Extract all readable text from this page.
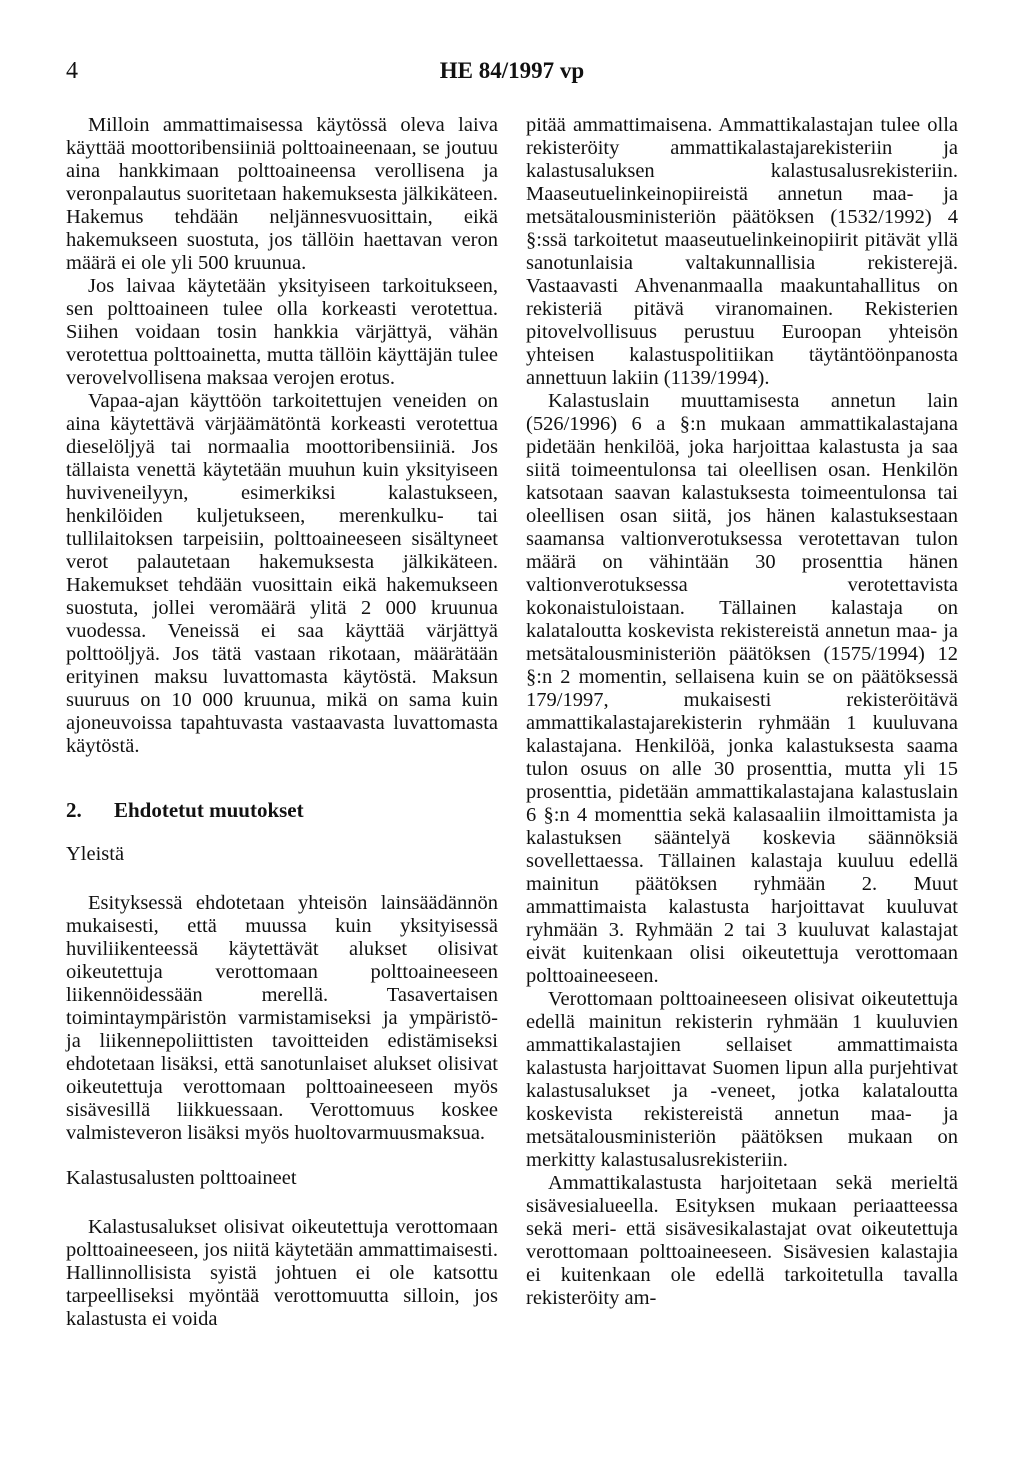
4	HE 84/1997 vp

Milloin ammattimaisessa käytössä oleva laiva käyttää moottoribensiiniä polttoaineenaan, se joutuu aina hankkimaan polttoaineensa verollisena ja veronpalautus suoritetaan hakemuksesta jälkikäteen. Hakemus tehdään neljännesvuosittain, eikä hakemukseen suostuta, jos tällöin haettavan veron määrä ei ole yli 500 kruunua.

Jos laivaa käytetään yksityiseen tarkoitukseen, sen polttoaineen tulee olla korkeasti verotettua. Siihen voidaan tosin hankkia värjättyä, vähän verotettua polttoainetta, mutta tällöin käyttäjän tulee verovelvollisena maksaa verojen erotus.

Vapaa-ajan käyttöön tarkoitettujen veneiden on aina käytettävä värjäämätöntä korkeasti verotettua dieselöljyä tai normaalia moottoribensiiniä. Jos tällaista venettä käytetään muuhun kuin yksityiseen huviveneilyyn, esimerkiksi kalastukseen, henkilöiden kuljetukseen, merenkulku- tai tullilaitoksen tarpeisiin, polttoaineeseen sisältyneet verot palautetaan hakemuksesta jälkikäteen. Hakemukset tehdään vuosittain eikä hakemukseen suostuta, jollei veromäärä ylitä 2 000 kruunua vuodessa. Veneissä ei saa käyttää värjättyä polttoöljyä. Jos tätä vastaan rikotaan, määrätään erityinen maksu luvattomasta käytöstä. Maksun suuruus on 10 000 kruunua, mikä on sama kuin ajoneuvoissa tapahtuvasta vastaavasta luvattomasta käytöstä.

2. Ehdotetut muutokset
Yleistä

Esityksessä ehdotetaan yhteisön lainsäädännön mukaisesti, että muussa kuin yksityisessä huviliikenteessä käytettävät alukset olisivat oikeutettuja verottomaan polttoaineeseen liikennöidessään merellä. Tasavertaisen toimintaympäristön varmistamiseksi ja ympäristö- ja liikennepoliittisten tavoitteiden edistämiseksi ehdotetaan lisäksi, että sanotunlaiset alukset olisivat oikeutettuja verottomaan polttoaineeseen myös sisävesillä liikkuessaan. Verottomuus koskee valmisteveron lisäksi myös huoltovarmuusmaksua.

Kalastusalusten polttoaineet

Kalastusalukset olisivat oikeutettuja verottomaan polttoaineeseen, jos niitä käytetään ammattimaisesti. Hallinnollisista syistä johtuen ei ole katsottu tarpeelliseksi myöntää verottomuutta silloin, jos kalastusta ei voida

pitää ammattimaisena. Ammattikalastajan tulee olla rekisteröity ammattikalastajarekisteriin ja kalastusaluksen kalastusalusrekisteriin. Maaseutuelinkeinopiireistä annetun maa- ja metsätalousministeriön päätöksen (1532/1992) 4 §:ssä tarkoitetut maaseutuelinkeinopiirit pitävät yllä sanotunlaisia valtakunnallisia rekisterejä. Vastaavasti Ahvenanmaalla maakuntahallitus on rekisteriä pitävä viranomainen. Rekisterien pitovelvollisuus perustuu Euroopan yhteisön yhteisen kalastuspolitiikan täytäntöönpanosta annettuun lakiin (1139/1994).

Kalastuslain muuttamisesta annetun lain (526/1996) 6 a §:n mukaan ammattikalastajana pidetään henkilöä, joka harjoittaa kalastusta ja saa siitä toimeentulonsa tai oleellisen osan. Henkilön katsotaan saavan kalastuksesta toimeentulonsa tai oleellisen osan siitä, jos hänen kalastuksestaan saamansa valtionverotuksessa verotettavan tulon määrä on vähintään 30 prosenttia hänen valtionverotuksessa verotettavista kokonaistuloistaan. Tällainen kalastaja on kalataloutta koskevista rekistereistä annetun maa- ja metsätalousministeriön päätöksen (1575/1994) 12 §:n 2 momentin, sellaisena kuin se on päätöksessä 179/1997, mukaisesti rekisteröitävä ammattikalastajarekisterin ryhmään 1 kuuluvana kalastajana. Henkilöä, jonka kalastuksesta saama tulon osuus on alle 30 prosenttia, mutta yli 15 prosenttia, pidetään ammattikalastajana kalastuslain 6 §:n 4 momenttia sekä kalasaaliin ilmoittamista ja kalastuksen sääntelyä koskevia säännöksiä sovellettaessa. Tällainen kalastaja kuuluu edellä mainitun päätöksen ryhmään 2. Muut ammattimaista kalastusta harjoittavat kuuluvat ryhmään 3. Ryhmään 2 tai 3 kuuluvat kalastajat eivät kuitenkaan olisi oikeutettuja verottomaan polttoaineeseen.

Verottomaan polttoaineeseen olisivat oikeutettuja edellä mainitun rekisterin ryhmään 1 kuuluvien ammattikalastajien sellaiset ammattimaista kalastusta harjoittavat Suomen lipun alla purjehtivat kalastusalukset ja -veneet, jotka kalataloutta koskevista rekistereistä annetun maa- ja metsätalousministeriön päätöksen mukaan on merkitty kalastusalusrekisteriin.

Ammattikalastusta harjoitetaan sekä merieltä sisävesialueella. Esityksen mukaan periaatteessa sekä meri- että sisävesikalastajat ovat oikeutettuja verottomaan polttoaineeseen. Sisävesien kalastajia ei kuitenkaan ole edellä tarkoitetulla tavalla rekisteröity am-
